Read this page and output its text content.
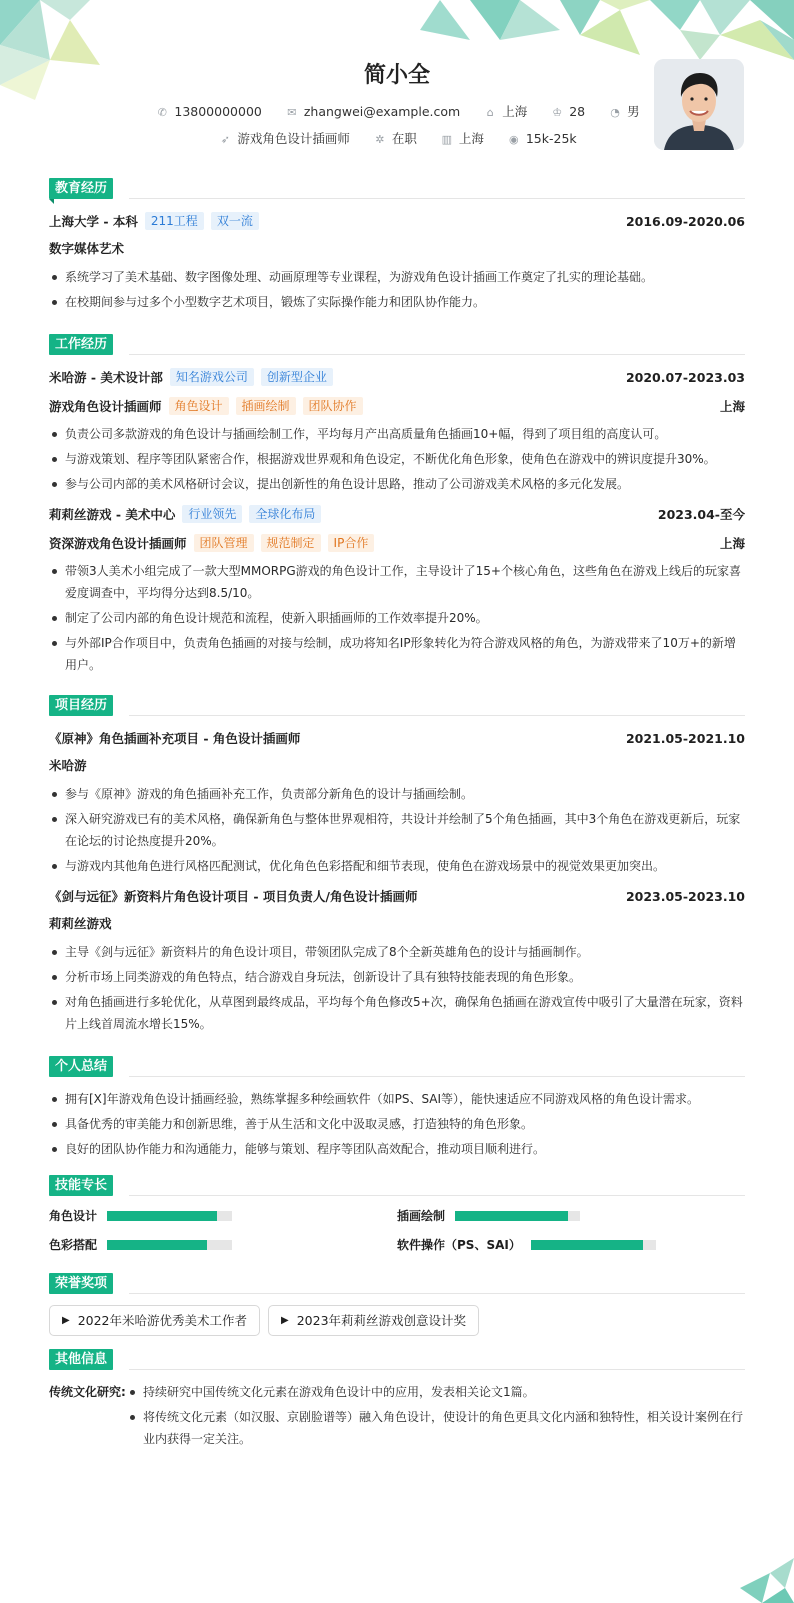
简小全
✆ 13800000000 ✉ zhangwei@example.com ⌂ 上海 ♔ 28 ◔ 男
➶ 游戏角色设计插画师 ✲ 在职 ▥ 上海 ◉ 15k-25k
教育经历
上海大学 - 本科	211工程	双一流	2016.09-2020.06
数字媒体艺术
系统学习了美术基础、数字图像处理、动画原理等专业课程，为游戏角色设计插画工作奠定了扎实的理论基础。
在校期间参与过多个小型数字艺术项目，锻炼了实际操作能力和团队协作能力。
工作经历
米哈游 - 美术设计部	知名游戏公司	创新型企业	2020.07-2023.03
游戏角色设计插画师	角色设计	插画绘制	团队协作	上海
负责公司多款游戏的角色设计与插画绘制工作，平均每月产出高质量角色插画10+幅，得到了项目组的高度认可。
与游戏策划、程序等团队紧密合作，根据游戏世界观和角色设定，不断优化角色形象，使角色在游戏中的辨识度提升30%。
参与公司内部的美术风格研讨会议，提出创新性的角色设计思路，推动了公司游戏美术风格的多元化发展。
莉莉丝游戏 - 美术中心	行业领先	全球化布局	2023.04-至今
资深游戏角色设计插画师	团队管理	规范制定	IP合作	上海
带领3人美术小组完成了一款大型MMORPG游戏的角色设计工作，主导设计了15+个核心角色，这些角色在游戏上线后的玩家喜爱度调查中，平均得分达到8.5/10。
制定了公司内部的角色设计规范和流程，使新入职插画师的工作效率提升20%。
与外部IP合作项目中，负责角色插画的对接与绘制，成功将知名IP形象转化为符合游戏风格的角色，为游戏带来了10万+的新增用户。
项目经历
《原神》角色插画补充项目 - 角色设计插画师	2021.05-2021.10
米哈游
参与《原神》游戏的角色插画补充工作，负责部分新角色的设计与插画绘制。
深入研究游戏已有的美术风格，确保新角色与整体世界观相符，共设计并绘制了5个角色插画，其中3个角色在游戏更新后，玩家在论坛的讨论热度提升20%。
与游戏内其他角色进行风格匹配测试，优化角色色彩搭配和细节表现，使角色在游戏场景中的视觉效果更加突出。
《剑与远征》新资料片角色设计项目 - 项目负责人/角色设计插画师	2023.05-2023.10
莉莉丝游戏
主导《剑与远征》新资料片的角色设计项目，带领团队完成了8个全新英雄角色的设计与插画制作。
分析市场上同类游戏的角色特点，结合游戏自身玩法，创新设计了具有独特技能表现的角色形象。
对角色插画进行多轮优化，从草图到最终成品，平均每个角色修改5+次，确保角色插画在游戏宣传中吸引了大量潜在玩家，资料片上线首周流水增长15%。
个人总结
拥有[X]年游戏角色设计插画经验，熟练掌握多种绘画软件（如PS、SAI等），能快速适应不同游戏风格的角色设计需求。
具备优秀的审美能力和创新思维，善于从生活和文化中汲取灵感，打造独特的角色形象。
良好的团队协作能力和沟通能力，能够与策划、程序等团队高效配合，推动项目顺利进行。
技能专长
角色设计	插画绘制
色彩搭配	软件操作（PS、SAI）
荣誉奖项
▶ 2022年米哈游优秀美术工作者	▶ 2023年莉莉丝游戏创意设计奖
其他信息
传统文化研究:	持续研究中国传统文化元素在游戏角色设计中的应用，发表相关论文1篇。
将传统文化元素（如汉服、京剧脸谱等）融入角色设计，使设计的角色更具文化内涵和独特性，相关设计案例在行业内获得一定关注。
